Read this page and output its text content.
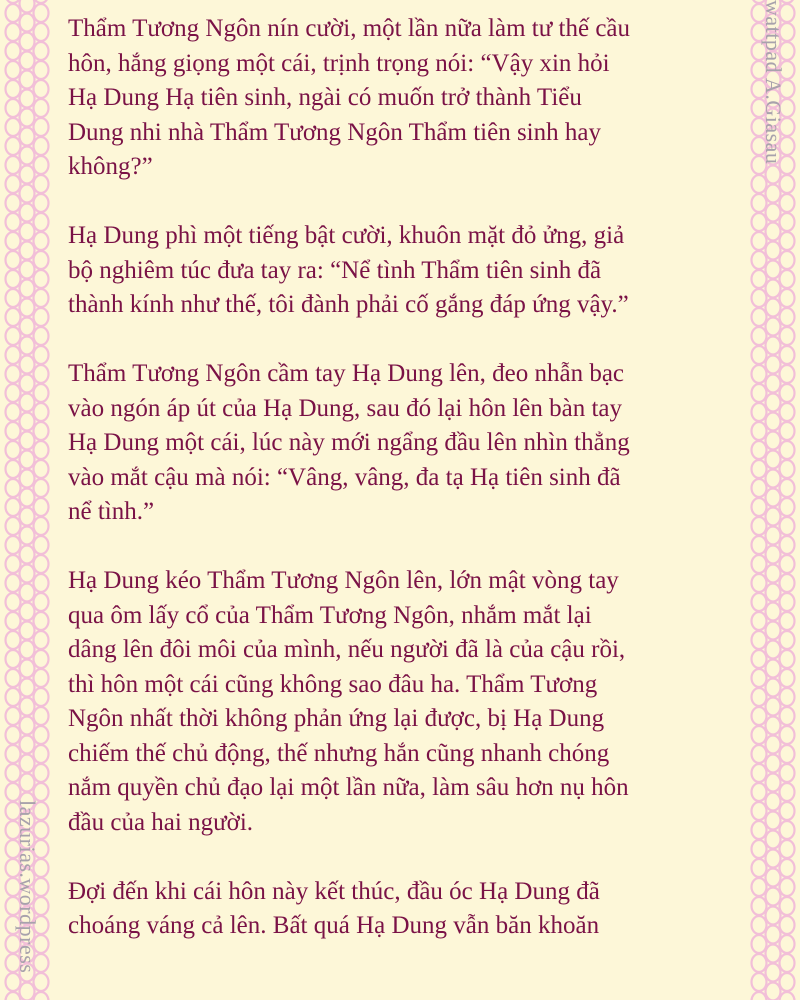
lazurias.wordpress
wattpad A.Giasau

Thẩm Tương Ngôn nín cười, một lần nữa làm tư thế cầu
hôn, hắng giọng một cái, trịnh trọng nói: “Vậy xin hỏi
Hạ Dung Hạ tiên sinh, ngài có muốn trở thành Tiểu
Dung nhi nhà Thẩm Tương Ngôn Thẩm tiên sinh hay
không?”

Hạ Dung phì một tiếng bật cười, khuôn mặt đỏ ửng, giả
bộ nghiêm túc đưa tay ra: “Nể tình Thẩm tiên sinh đã
thành kính như thế, tôi đành phải cố gắng đáp ứng vậy.”

Thẩm Tương Ngôn cầm tay Hạ Dung lên, đeo nhẫn bạc
vào ngón áp út của Hạ Dung, sau đó lại hôn lên bàn tay
Hạ Dung một cái, lúc này mới ngẩng đầu lên nhìn thẳng
vào mắt cậu mà nói: “Vâng, vâng, đa tạ Hạ tiên sinh đã
nể tình.”

Hạ Dung kéo Thẩm Tương Ngôn lên, lớn mật vòng tay
qua ôm lấy cổ của Thẩm Tương Ngôn, nhắm mắt lại
dâng lên đôi môi của mình, nếu người đã là của cậu rồi,
thì hôn một cái cũng không sao đâu ha. Thẩm Tương
Ngôn nhất thời không phản ứng lại được, bị Hạ Dung
chiếm thế chủ động, thế nhưng hắn cũng nhanh chóng
nắm quyền chủ đạo lại một lần nữa, làm sâu hơn nụ hôn
đầu của hai người.

Đợi đến khi cái hôn này kết thúc, đầu óc Hạ Dung đã
choáng váng cả lên. Bất quá Hạ Dung vẫn băn khoăn
